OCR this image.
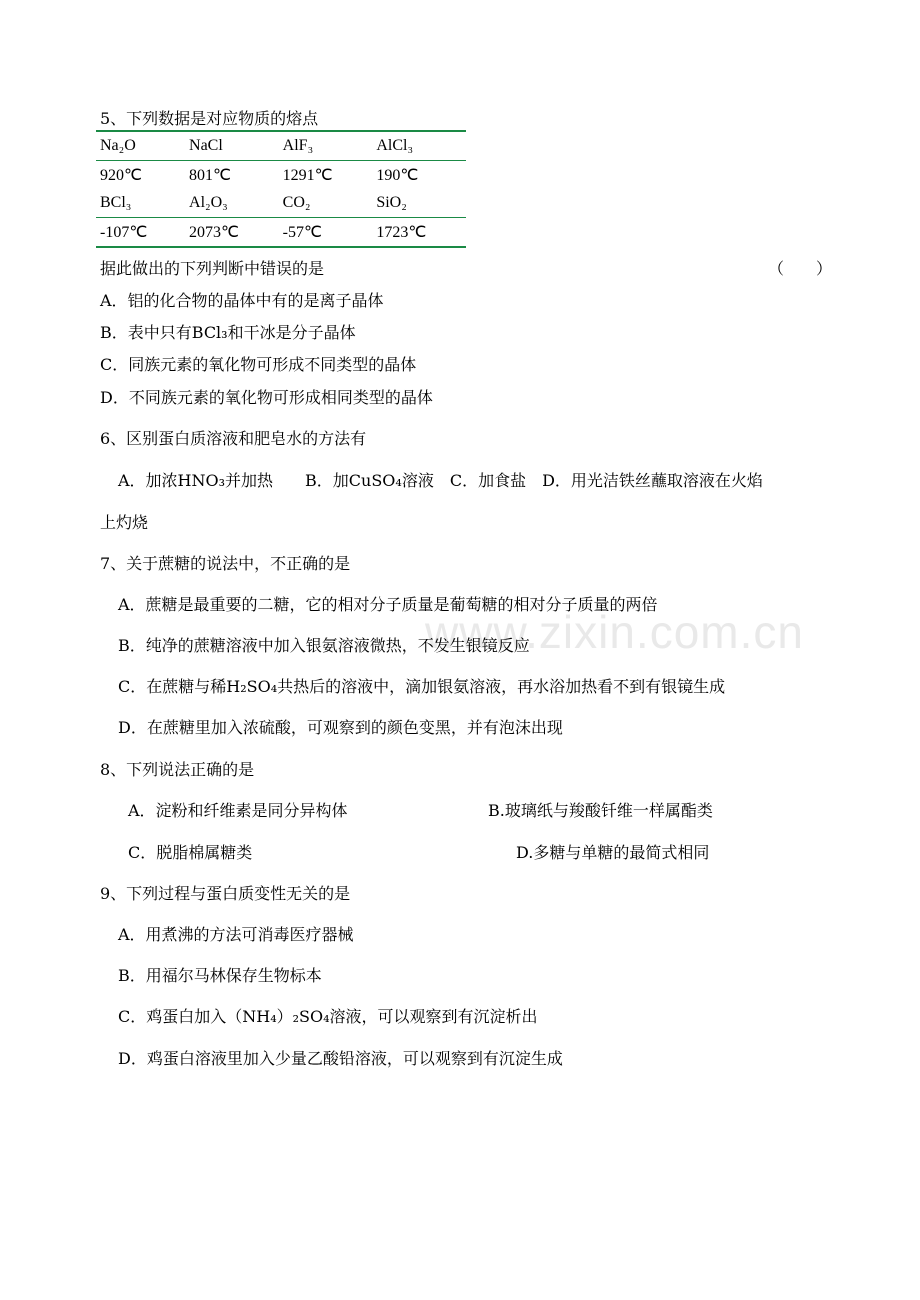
www.zixin.com.cn
5、下列数据是对应物质的熔点
Na₂O	NaCl	AlF₃	AlCl₃
920℃	801℃	1291℃	190℃
BCl₃	Al₂O₃	CO₂	SiO₂
-107℃	2073℃	-57℃	1723℃
据此做出的下列判断中错误的是	（　　）
A．铝的化合物的晶体中有的是离子晶体
B．表中只有BCl₃和干冰是分子晶体
C．同族元素的氧化物可形成不同类型的晶体
D．不同族元素的氧化物可形成相同类型的晶体
6、区别蛋白质溶液和肥皂水的方法有
A．加浓HNO₃并加热　　B．加CuSO₄溶液　C．加食盐　D．用光洁铁丝蘸取溶液在火焰
上灼烧
7、关于蔗糖的说法中，不正确的是
A．蔗糖是最重要的二糖，它的相对分子质量是葡萄糖的相对分子质量的两倍
B．纯净的蔗糖溶液中加入银氨溶液微热，不发生银镜反应
C．在蔗糖与稀H₂SO₄共热后的溶液中，滴加银氨溶液，再水浴加热看不到有银镜生成
D．在蔗糖里加入浓硫酸，可观察到的颜色变黑，并有泡沫出现
8、下列说法正确的是
A．淀粉和纤维素是同分异构体	B.玻璃纸与羧酸钎维一样属酯类
C．脱脂棉属糖类	D.多糖与单糖的最简式相同
9、下列过程与蛋白质变性无关的是
A．用煮沸的方法可消毒医疗器械
B．用福尔马林保存生物标本
C．鸡蛋白加入（NH₄）₂SO₄溶液，可以观察到有沉淀析出
D．鸡蛋白溶液里加入少量乙酸铅溶液，可以观察到有沉淀生成
